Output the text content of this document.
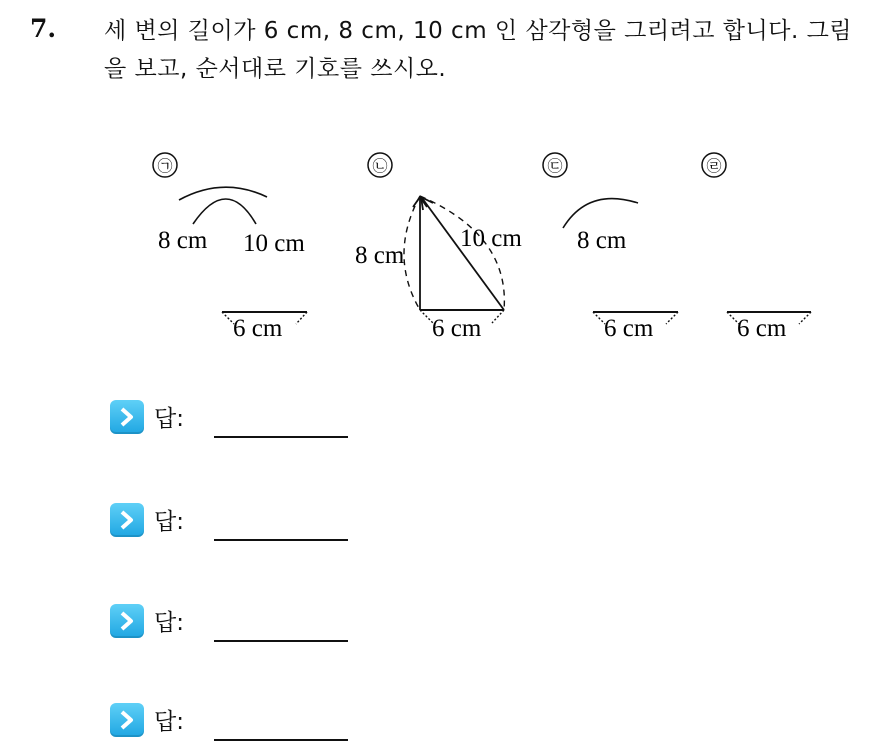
7. 세 변의 길이가 6 cm, 8 cm, 10 cm 인 삼각형을 그리려고 합니다. 그림을 보고, 순서대로 기호를 쓰시오.
㉠
8 cm 10 cm
6 cm
㉡
8 cm
10 cm
6 cm
㉢
8 cm
6 cm
㉣
6 cm
답:
답:
답:
답:
